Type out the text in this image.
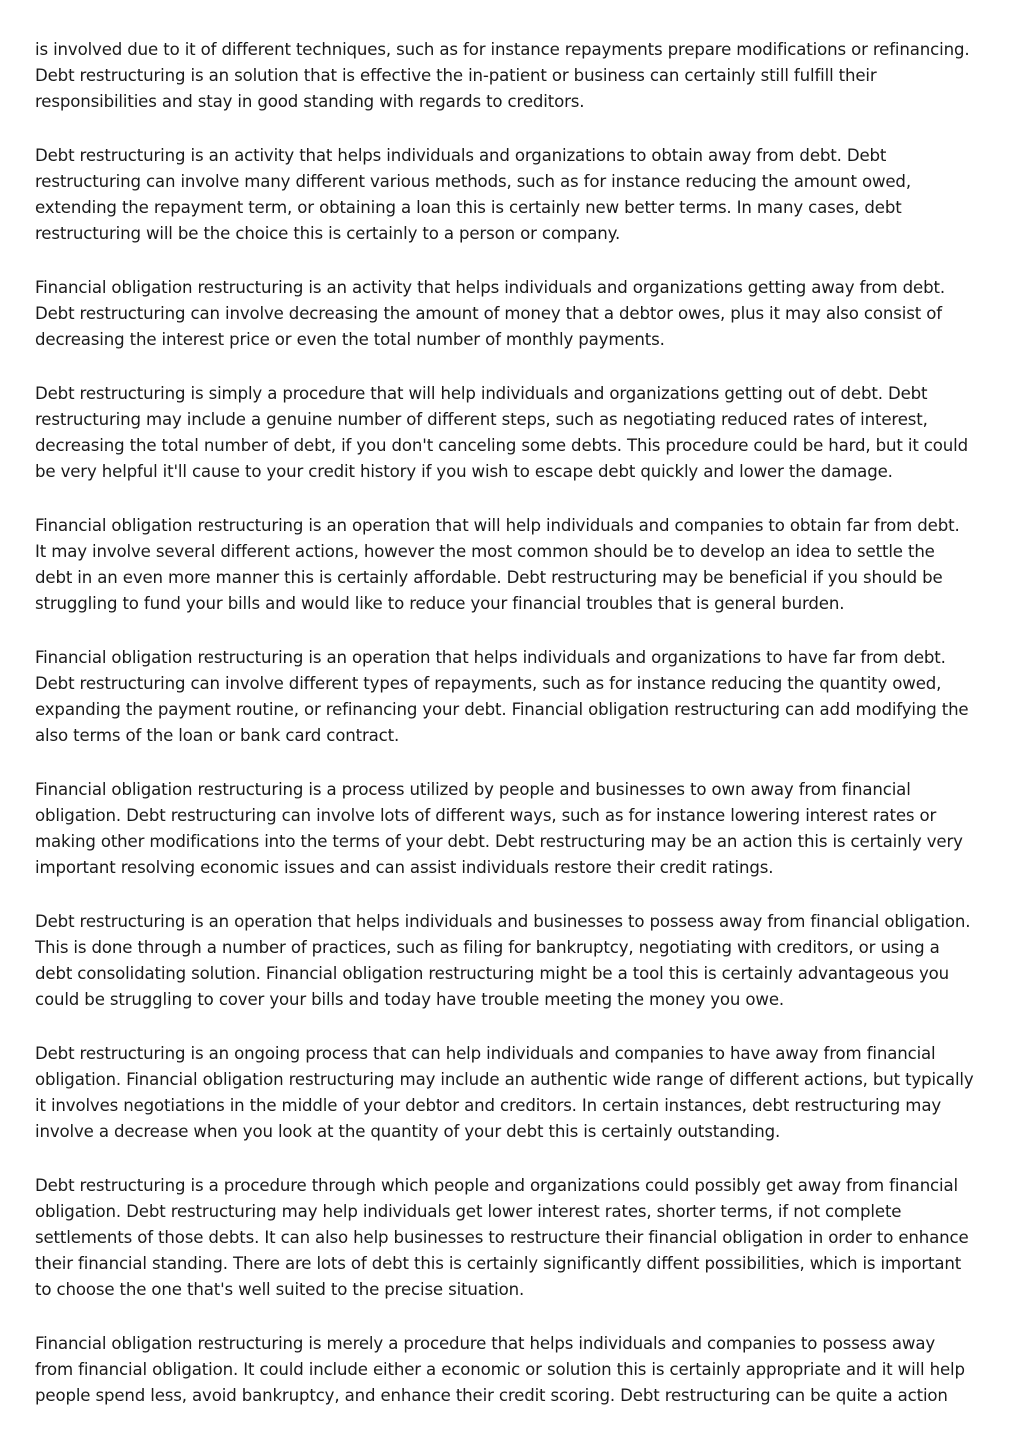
is involved due to it of different techniques, such as for instance repayments prepare modifications or refinancing.
Debt restructuring is an solution that is effective the in-patient or business can certainly still fulfill their
responsibilities and stay in good standing with regards to creditors.

Debt restructuring is an activity that helps individuals and organizations to obtain away from debt. Debt
restructuring can involve many different various methods, such as for instance reducing the amount owed,
extending the repayment term, or obtaining a loan this is certainly new better terms. In many cases, debt
restructuring will be the choice this is certainly to a person or company.

Financial obligation restructuring is an activity that helps individuals and organizations getting away from debt.
Debt restructuring can involve decreasing the amount of money that a debtor owes, plus it may also consist of
decreasing the interest price or even the total number of monthly payments.

Debt restructuring is simply a procedure that will help individuals and organizations getting out of debt. Debt
restructuring may include a genuine number of different steps, such as negotiating reduced rates of interest,
decreasing the total number of debt, if you don't canceling some debts. This procedure could be hard, but it could
be very helpful it'll cause to your credit history if you wish to escape debt quickly and lower the damage.

Financial obligation restructuring is an operation that will help individuals and companies to obtain far from debt.
It may involve several different actions, however the most common should be to develop an idea to settle the
debt in an even more manner this is certainly affordable. Debt restructuring may be beneficial if you should be
struggling to fund your bills and would like to reduce your financial troubles that is general burden.

Financial obligation restructuring is an operation that helps individuals and organizations to have far from debt.
Debt restructuring can involve different types of repayments, such as for instance reducing the quantity owed,
expanding the payment routine, or refinancing your debt. Financial obligation restructuring can add modifying the
also terms of the loan or bank card contract.

Financial obligation restructuring is a process utilized by people and businesses to own away from financial
obligation. Debt restructuring can involve lots of different ways, such as for instance lowering interest rates or
making other modifications into the terms of your debt. Debt restructuring may be an action this is certainly very
important resolving economic issues and can assist individuals restore their credit ratings.

Debt restructuring is an operation that helps individuals and businesses to possess away from financial obligation.
This is done through a number of practices, such as filing for bankruptcy, negotiating with creditors, or using a
debt consolidating solution. Financial obligation restructuring might be a tool this is certainly advantageous you
could be struggling to cover your bills and today have trouble meeting the money you owe.

Debt restructuring is an ongoing process that can help individuals and companies to have away from financial
obligation. Financial obligation restructuring may include an authentic wide range of different actions, but typically
it involves negotiations in the middle of your debtor and creditors. In certain instances, debt restructuring may
involve a decrease when you look at the quantity of your debt this is certainly outstanding.

Debt restructuring is a procedure through which people and organizations could possibly get away from financial
obligation. Debt restructuring may help individuals get lower interest rates, shorter terms, if not complete
settlements of those debts. It can also help businesses to restructure their financial obligation in order to enhance
their financial standing. There are lots of debt this is certainly significantly diffent possibilities, which is important
to choose the one that's well suited to the precise situation.

Financial obligation restructuring is merely a procedure that helps individuals and companies to possess away
from financial obligation. It could include either a economic or solution this is certainly appropriate and it will help
people spend less, avoid bankruptcy, and enhance their credit scoring. Debt restructuring can be quite a action
